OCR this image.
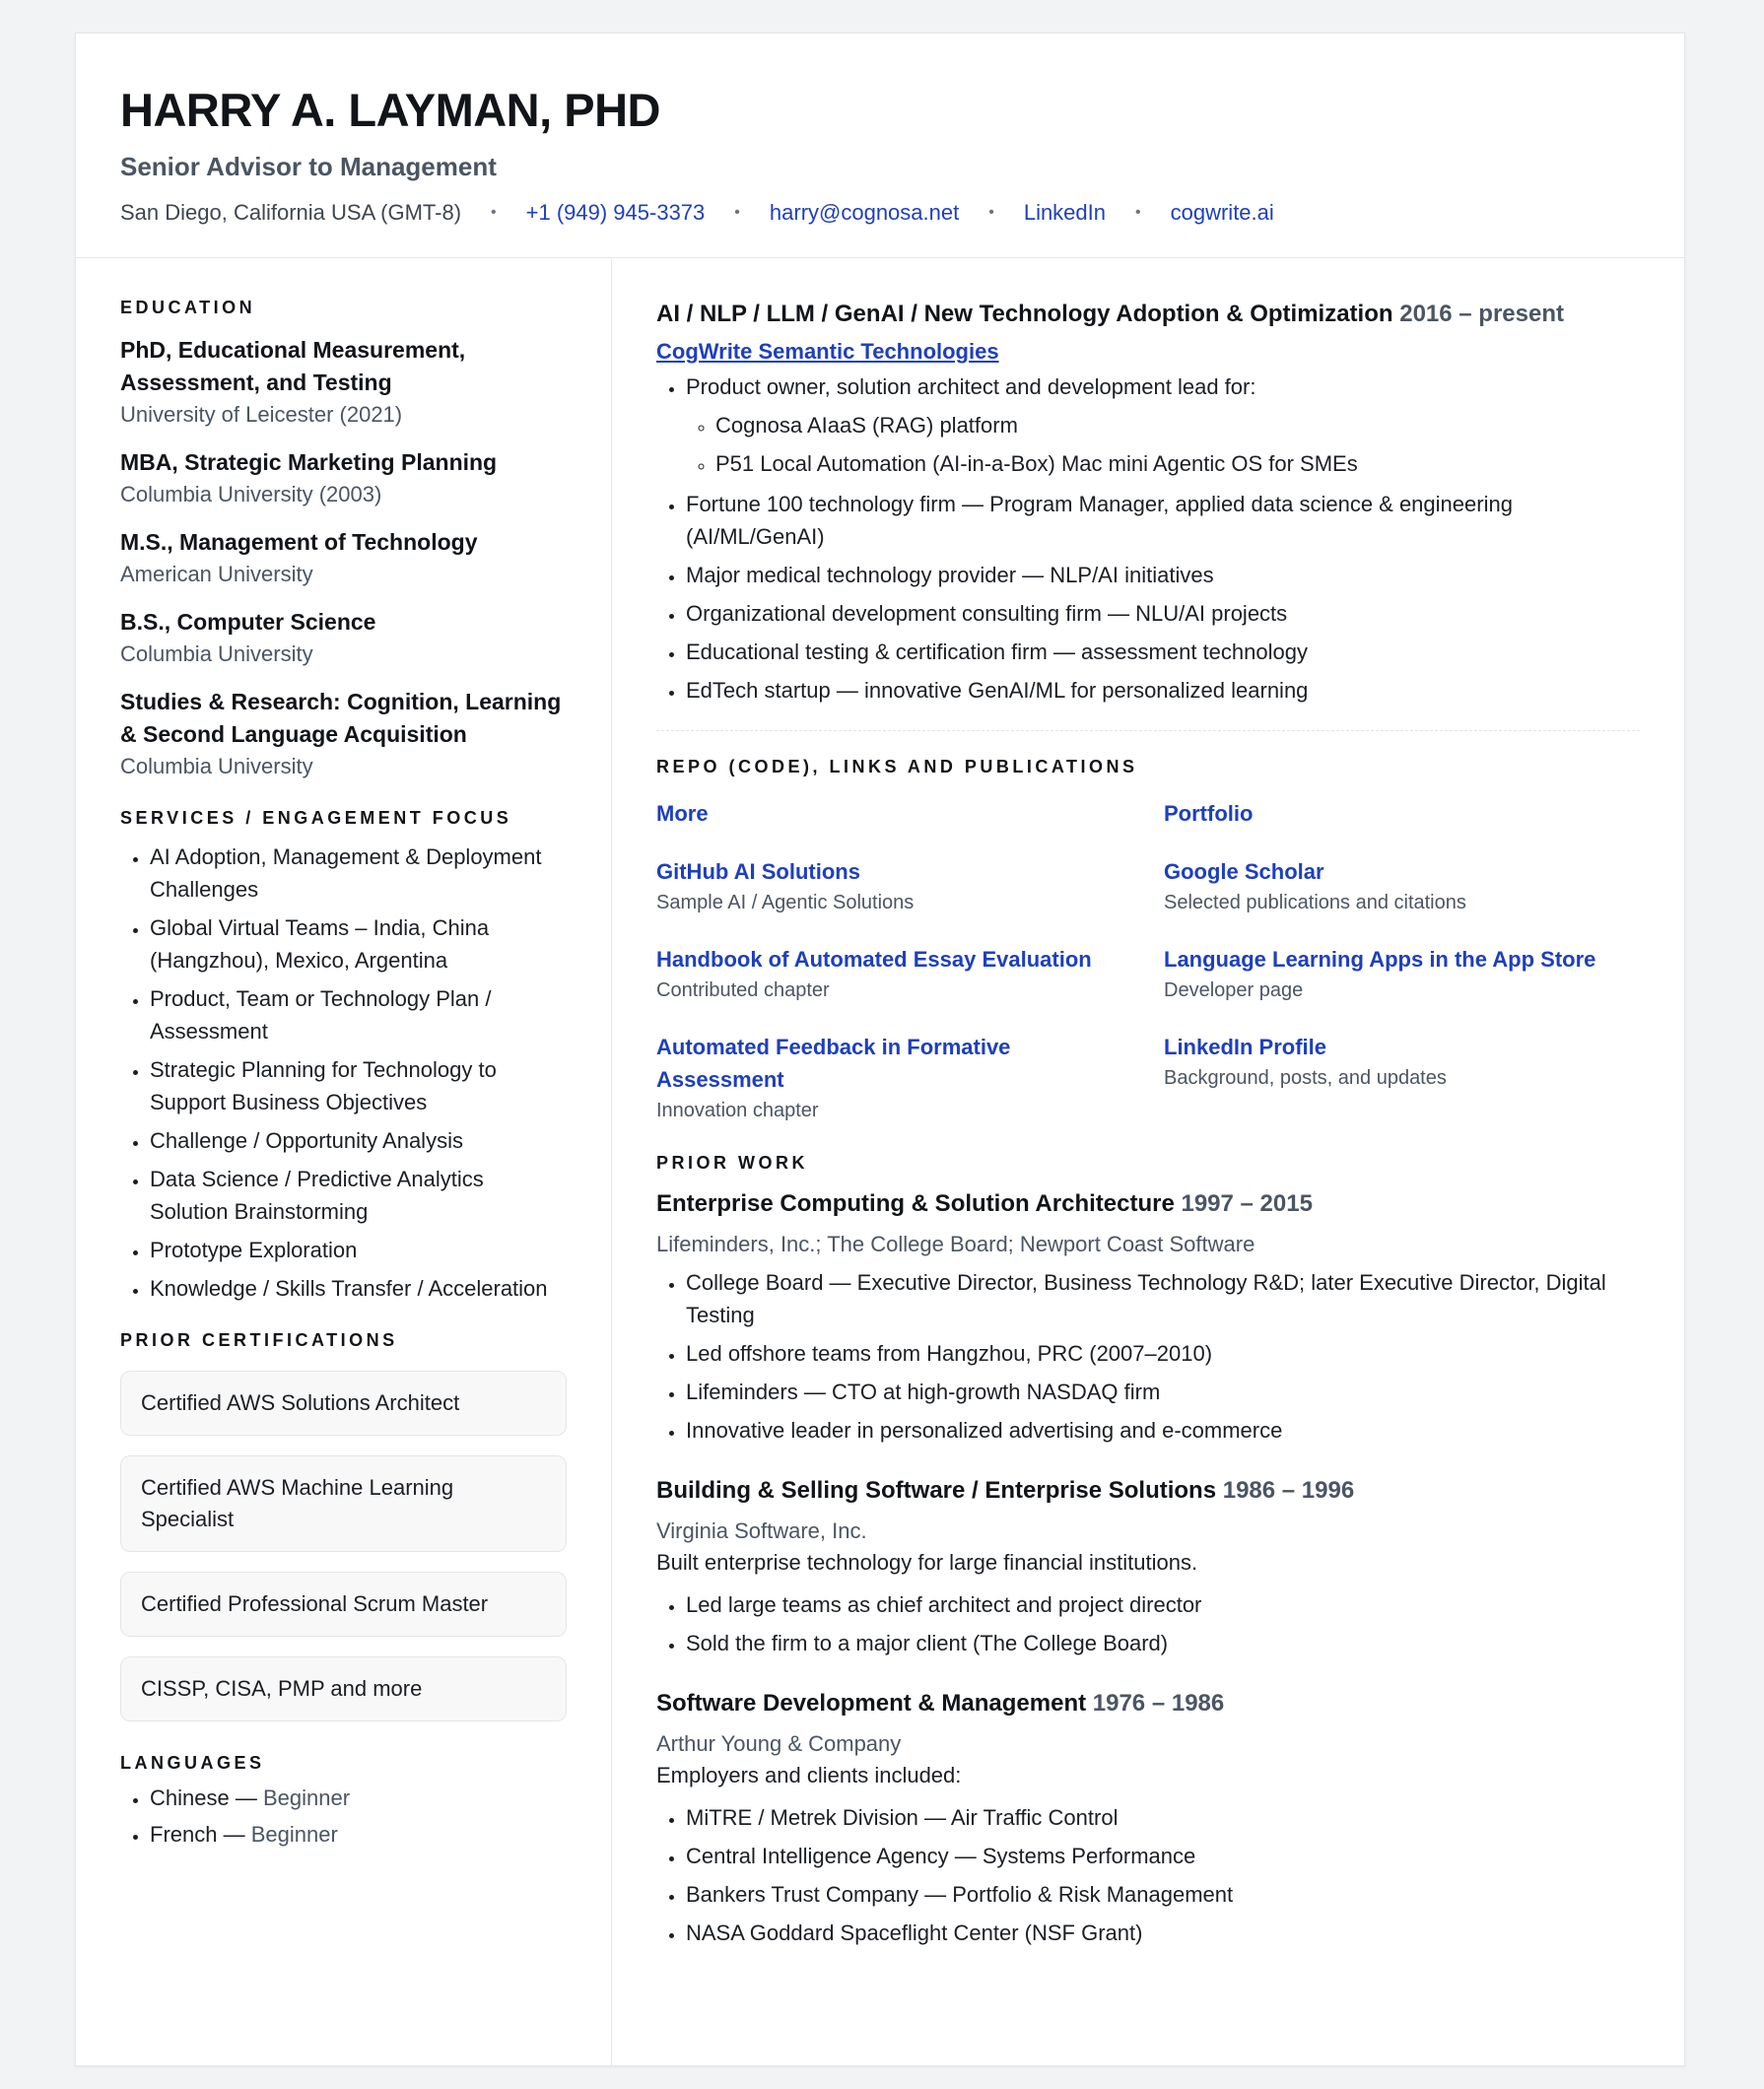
HARRY A. LAYMAN, PHD
Senior Advisor to Management
San Diego, California USA (GMT-8) • +1 (949) 945-3373 • harry@cognosa.net • LinkedIn • cogwrite.ai
EDUCATION
PhD, Educational Measurement, Assessment, and Testing
University of Leicester (2021)
MBA, Strategic Marketing Planning
Columbia University (2003)
M.S., Management of Technology
American University
B.S., Computer Science
Columbia University
Studies & Research: Cognition, Learning & Second Language Acquisition
Columbia University
SERVICES / ENGAGEMENT FOCUS
• AI Adoption, Management & Deployment Challenges
• Global Virtual Teams – India, China (Hangzhou), Mexico, Argentina
• Product, Team or Technology Plan / Assessment
• Strategic Planning for Technology to Support Business Objectives
• Challenge / Opportunity Analysis
• Data Science / Predictive Analytics Solution Brainstorming
• Prototype Exploration
• Knowledge / Skills Transfer / Acceleration
PRIOR CERTIFICATIONS
Certified AWS Solutions Architect
Certified AWS Machine Learning Specialist
Certified Professional Scrum Master
CISSP, CISA, PMP and more
LANGUAGES
• Chinese — Beginner
• French — Beginner
AI / NLP / LLM / GenAI / New Technology Adoption & Optimization 2016 – present
CogWrite Semantic Technologies
• Product owner, solution architect and development lead for:
◦ Cognosa AIaaS (RAG) platform
◦ P51 Local Automation (AI-in-a-Box) Mac mini Agentic OS for SMEs
• Fortune 100 technology firm — Program Manager, applied data science & engineering (AI/ML/GenAI)
• Major medical technology provider — NLP/AI initiatives
• Organizational development consulting firm — NLU/AI projects
• Educational testing & certification firm — assessment technology
• EdTech startup — innovative GenAI/ML for personalized learning
REPO (CODE), LINKS AND PUBLICATIONS
More	Portfolio
GitHub AI Solutions
Sample AI / Agentic Solutions
Google Scholar
Selected publications and citations
Handbook of Automated Essay Evaluation
Contributed chapter
Language Learning Apps in the App Store
Developer page
Automated Feedback in Formative Assessment
Innovation chapter
LinkedIn Profile
Background, posts, and updates
PRIOR WORK
Enterprise Computing & Solution Architecture 1997 – 2015
Lifeminders, Inc.; The College Board; Newport Coast Software
• College Board — Executive Director, Business Technology R&D; later Executive Director, Digital Testing
• Led offshore teams from Hangzhou, PRC (2007–2010)
• Lifeminders — CTO at high-growth NASDAQ firm
• Innovative leader in personalized advertising and e-commerce
Building & Selling Software / Enterprise Solutions 1986 – 1996
Virginia Software, Inc.
Built enterprise technology for large financial institutions.
• Led large teams as chief architect and project director
• Sold the firm to a major client (The College Board)
Software Development & Management 1976 – 1986
Arthur Young & Company
Employers and clients included:
• MiTRE / Metrek Division — Air Traffic Control
• Central Intelligence Agency — Systems Performance
• Bankers Trust Company — Portfolio & Risk Management
• NASA Goddard Spaceflight Center (NSF Grant)
